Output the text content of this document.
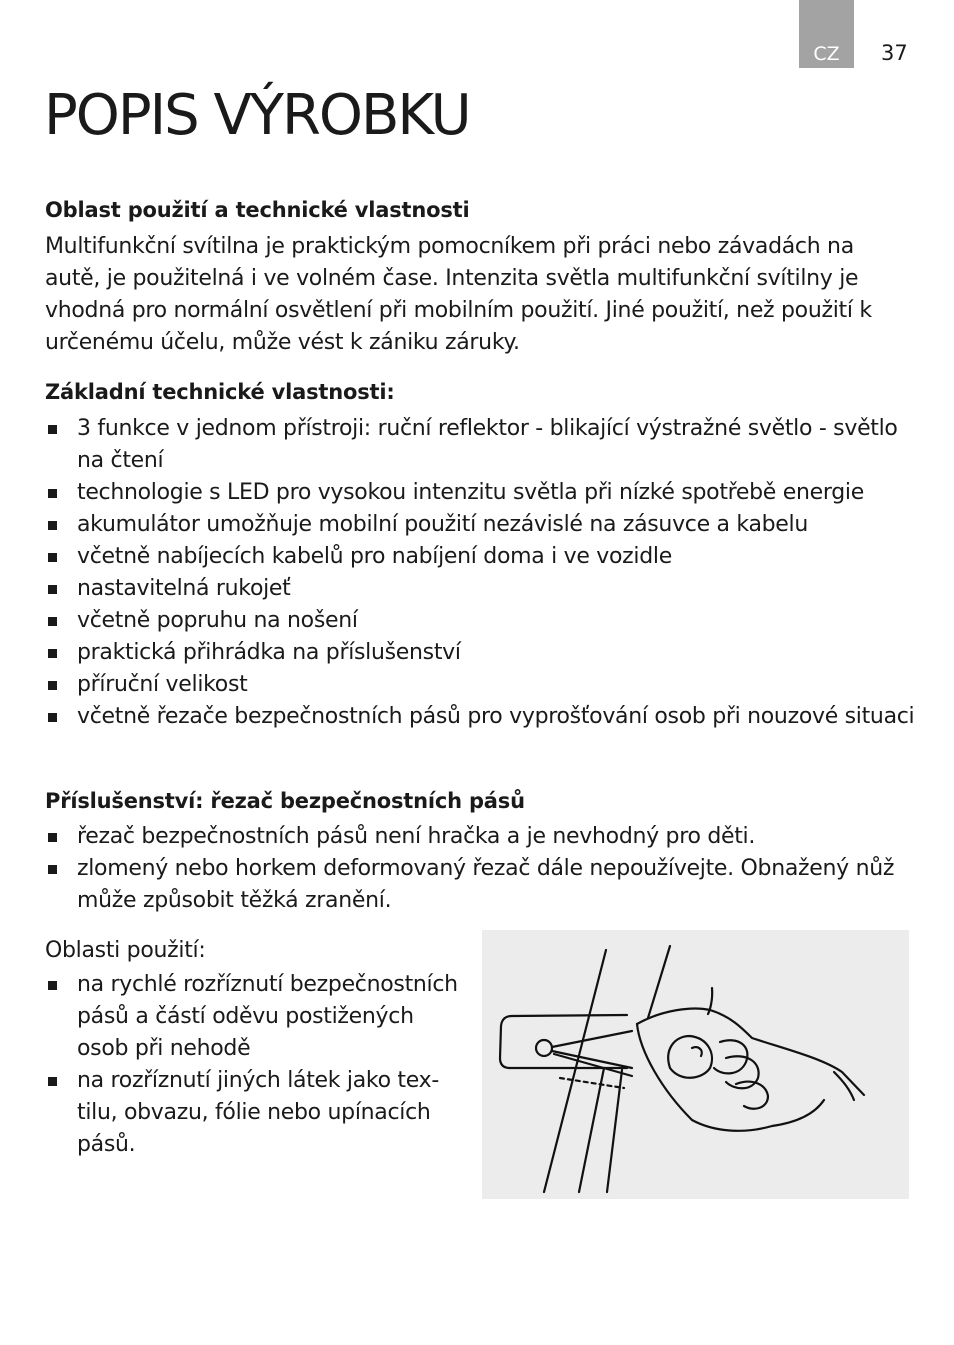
CZ	37
POPIS VÝROBKU
Oblast použití a technické vlastnosti

Multifunkční svítilna je praktickým pomocníkem při práci nebo závadách na autě, je použitelná i ve volném čase. Intenzita světla multifunkční svítilny je vhodná pro normální osvětlení při mobilním použití. Jiné použití, než použití k určenému účelu, může vést k zániku záruky.

Základní technické vlastnosti:
3 funkce v jednom přístroji: ruční reflektor - blikající výstražné světlo - světlo na čtení
technologie s LED pro vysokou intenzitu světla při nízké spotřebě energie
akumulátor umožňuje mobilní použití nezávislé na zásuvce a kabelu
včetně nabíjecích kabelů pro nabíjení doma i ve vozidle
nastavitelná rukojeť
včetně popruhu na nošení
praktická přihrádka na příslušenství
příruční velikost
včetně řezače bezpečnostních pásů pro vyprošťování osob při nouzové situaci
Příslušenství: řezač bezpečnostních pásů
řezač bezpečnostních pásů není hračka a je nevhodný pro děti.
zlomený nebo horkem deformovaný řezač dále nepoužívejte. Obnažený nůž může způsobit těžká zranění.

Oblasti použití:

na rychlé rozříznutí bezpečnostních pásů a částí oděvu postižených osob při nehodě
na rozříznutí jiných látek jako tex-tilu, obvazu, fólie nebo upínacích pásů.
